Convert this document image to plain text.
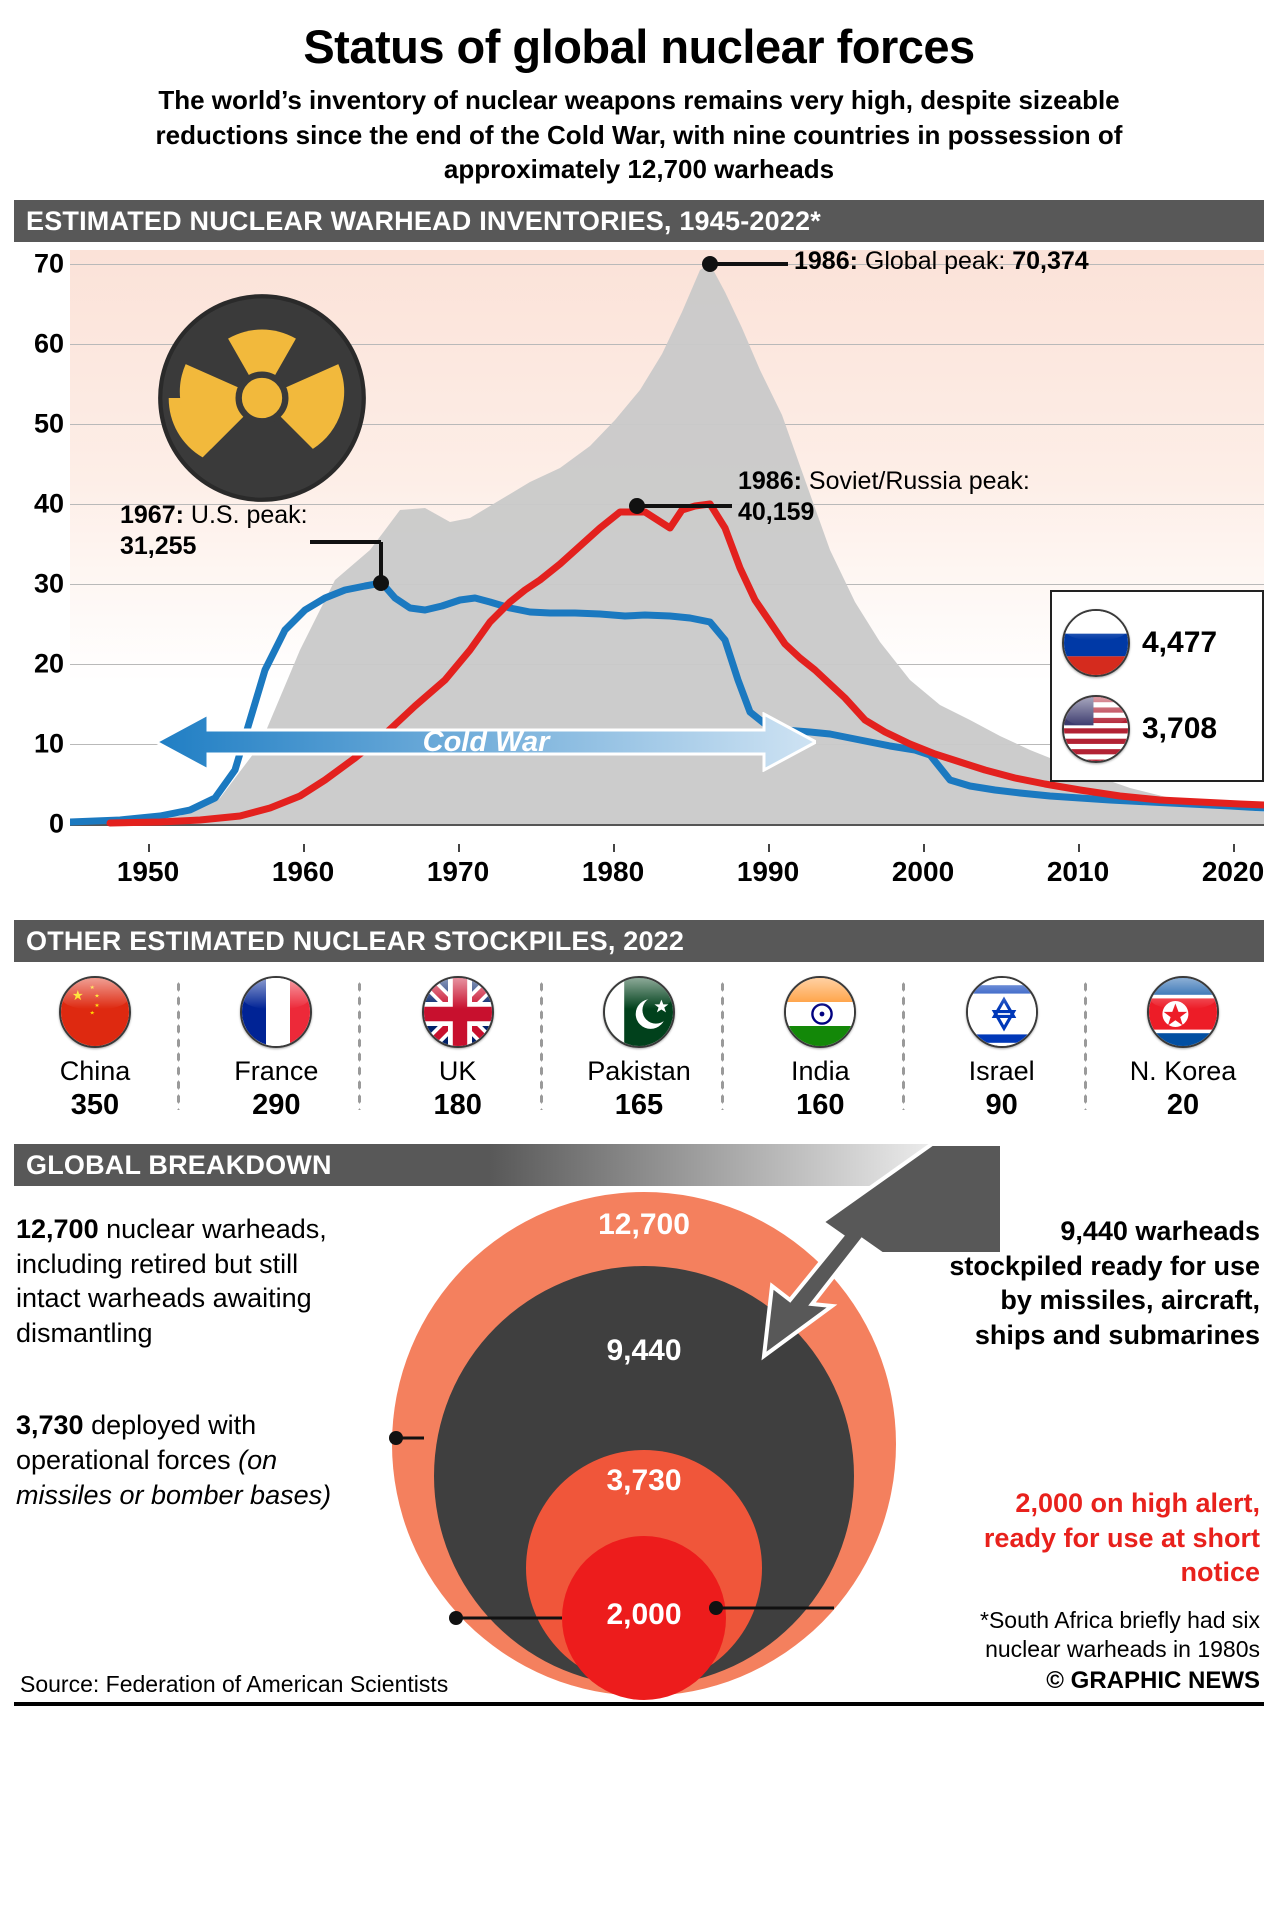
Status of global nuclear forces
The world’s inventory of nuclear weapons remains very high, despite sizeable reductions since the end of the Cold War, with nine countries in possession of approximately 12,700 warheads
ESTIMATED NUCLEAR WARHEAD INVENTORIES, 1945-2022*
1986: Global peak: 70,374
1986: Soviet/Russia peak: 40,159
1967: U.S. peak: 31,255
Cold War
4,477
3,708
70
60
50
40
30
20
10
0
1950	1960	1970	1980	1990	2000	2010	2020
OTHER ESTIMATED NUCLEAR STOCKPILES, 2022
China
350
France
290
UK
180
Pakistan
165
India
160
Israel
90
N. Korea
20
GLOBAL BREAKDOWN
12,700
9,440
3,730
2,000
12,700 nuclear warheads, including retired but still intact warheads awaiting dismantling
3,730 deployed with operational forces (on missiles or bomber bases)
9,440 warheads stockpiled ready for use by missiles, aircraft, ships and submarines
2,000 on high alert, ready for use at short notice
*South Africa briefly had six nuclear warheads in 1980s
© GRAPHIC NEWS
Source: Federation of American Scientists
